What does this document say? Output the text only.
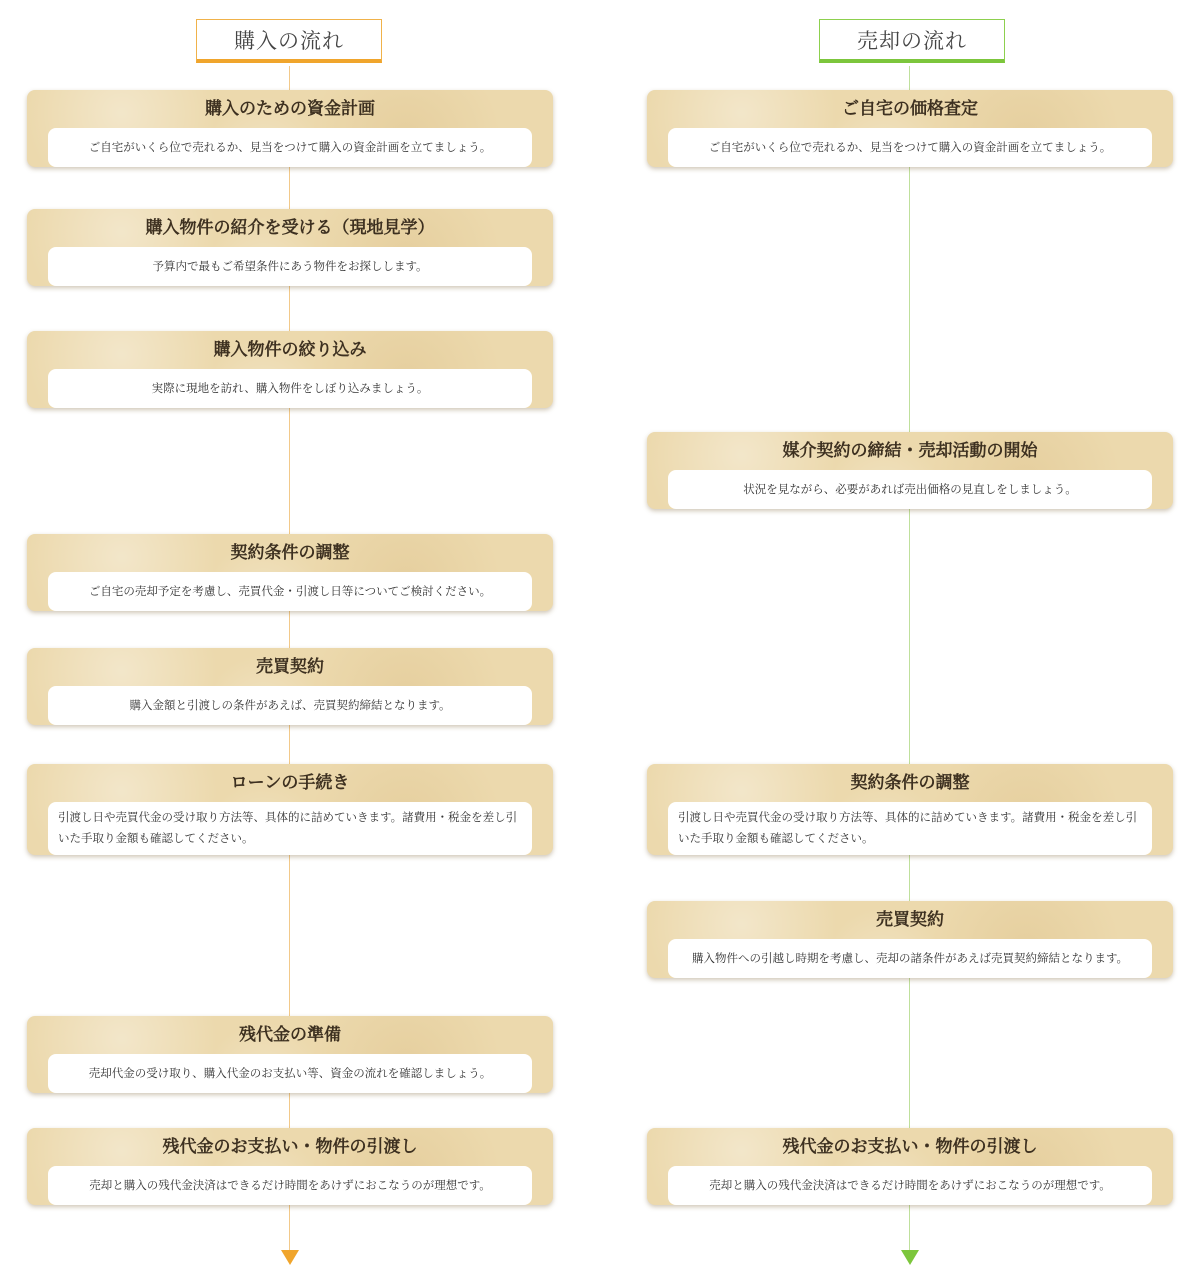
購入の流れ
購入のための資金計画
ご自宅がいくら位で売れるか、見当をつけて購入の資金計画を立てましょう。
購入物件の紹介を受ける（現地見学）
予算内で最もご希望条件にあう物件をお探しします。
購入物件の絞り込み
実際に現地を訪れ、購入物件をしぼり込みましょう。
契約条件の調整
ご自宅の売却予定を考慮し、売買代金・引渡し日等についてご検討ください。
売買契約
購入金額と引渡しの条件があえば、売買契約締結となります。
ローンの手続き
引渡し日や売買代金の受け取り方法等、具体的に詰めていきます。諸費用・税金を差し引いた手取り金額も確認してください。
残代金の準備
売却代金の受け取り、購入代金のお支払い等、資金の流れを確認しましょう。
残代金のお支払い・物件の引渡し
売却と購入の残代金決済はできるだけ時間をあけずにおこなうのが理想です。
売却の流れ
ご自宅の価格査定
ご自宅がいくら位で売れるか、見当をつけて購入の資金計画を立てましょう。
媒介契約の締結・売却活動の開始
状況を見ながら、必要があれば売出価格の見直しをしましょう。
契約条件の調整
引渡し日や売買代金の受け取り方法等、具体的に詰めていきます。諸費用・税金を差し引いた手取り金額も確認してください。
売買契約
購入物件への引越し時期を考慮し、売却の諸条件があえば売買契約締結となります。
残代金のお支払い・物件の引渡し
売却と購入の残代金決済はできるだけ時間をあけずにおこなうのが理想です。
